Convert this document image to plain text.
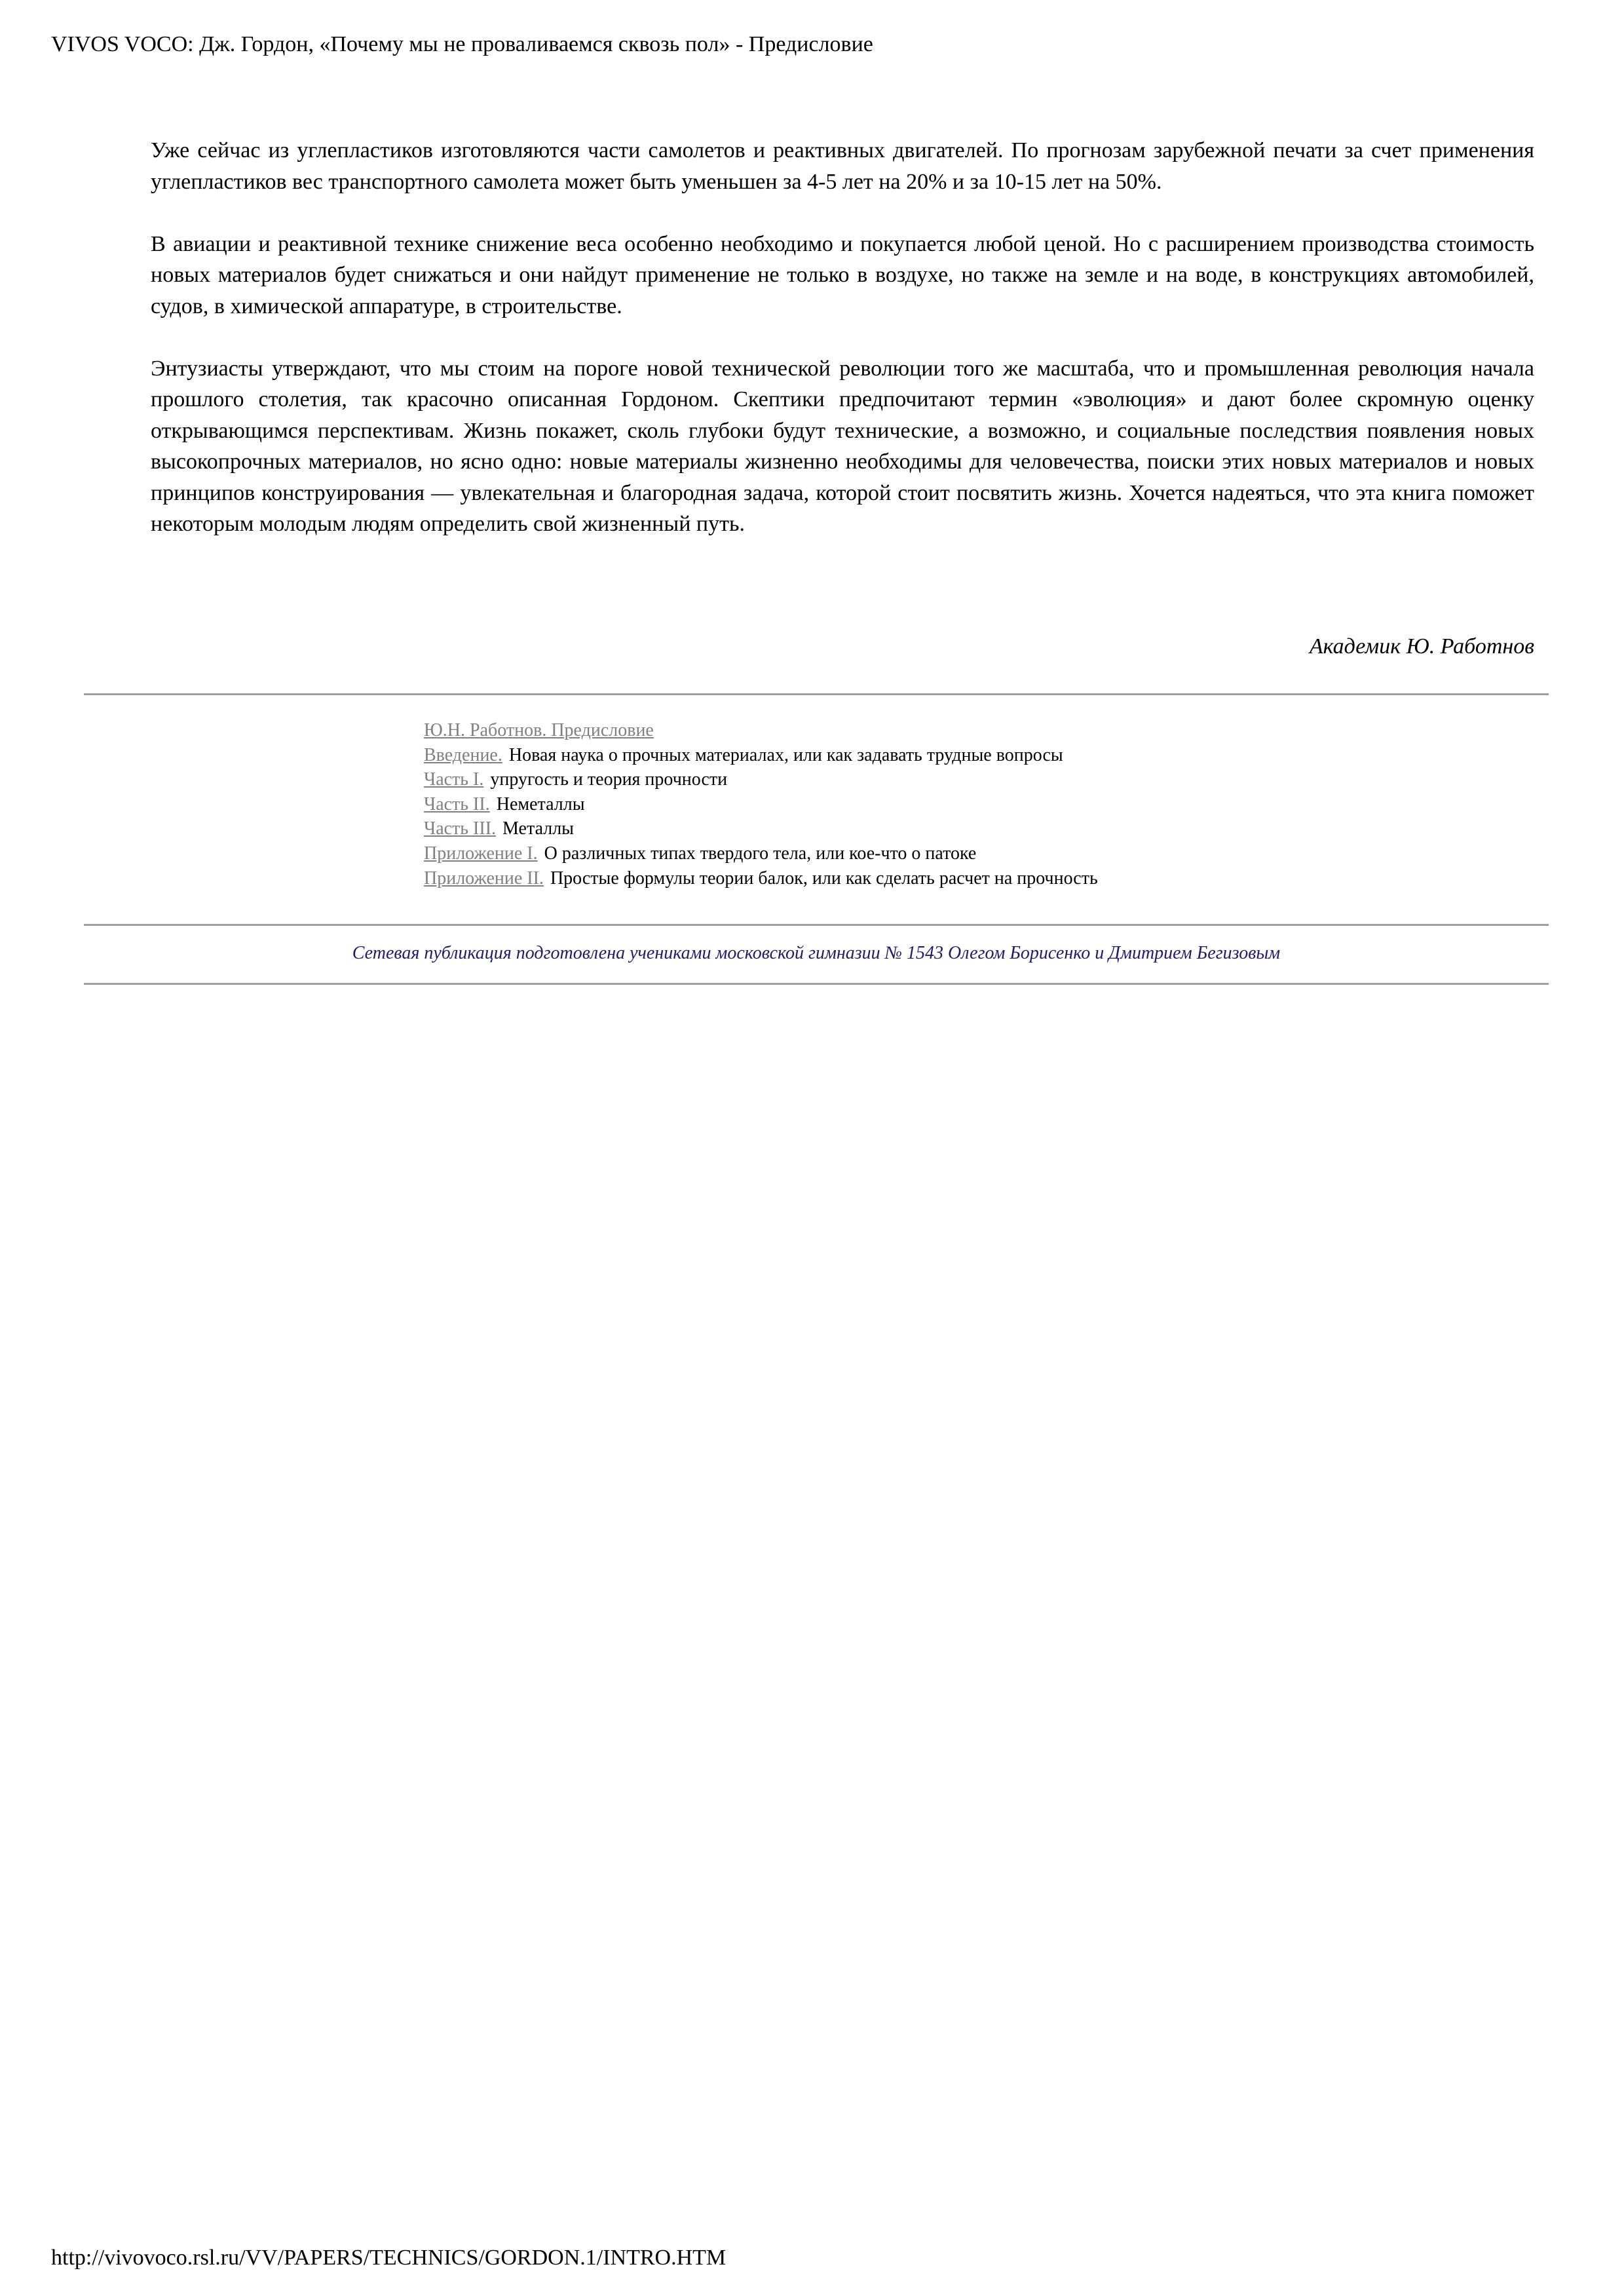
VIVOS VOCO: Дж. Гордон, «Почему мы не проваливаемся сквозь пол» - Предисловие

Уже сейчас из углепластиков изготовляются части самолетов и реактивных двигателей. По прогнозам зарубежной печати за счет применения углепластиков вес транспортного самолета может быть уменьшен за 4-5 лет на 20% и за 10-15 лет на 50%.

В авиации и реактивной технике снижение веса особенно необходимо и покупается любой ценой. Но с расширением производства стоимость новых материалов будет снижаться и они найдут применение не только в воздухе, но также на земле и на воде, в конструкциях автомобилей, судов, в химической аппаратуре, в строительстве.

Энтузиасты утверждают, что мы стоим на пороге новой технической революции того же масштаба, что и промышленная революция начала прошлого столетия, так красочно описанная Гордоном. Скептики предпочитают термин «эволюция» и дают более скромную оценку открывающимся перспективам. Жизнь покажет, сколь глубоки будут технические, а возможно, и социальные последствия появления новых высокопрочных материалов, но ясно одно: новые материалы жизненно необходимы для человечества, поиски этих новых материалов и новых принципов конструирования — увлекательная и благородная задача, которой стоит посвятить жизнь. Хочется надеяться, что эта книга поможет некоторым молодым людям определить свой жизненный путь.

Академик Ю. Работнов
Ю.Н. Работнов. Предисловие
Введение. Новая наука о прочных материалах, или как задавать трудные вопросы
Часть I. упругость и теория прочности
Часть II. Неметаллы
Часть III. Металлы
Приложение I. О различных типах твердого тела, или кое-что о патоке
Приложение II. Простые формулы теории балок, или как сделать расчет на прочность
Сетевая публикация подготовлена учениками московской гимназии № 1543 Олегом Борисенко и Дмитрием Бегизовым
http://vivovoco.rsl.ru/VV/PAPERS/TECHNICS/GORDON.1/INTRO.HTM
